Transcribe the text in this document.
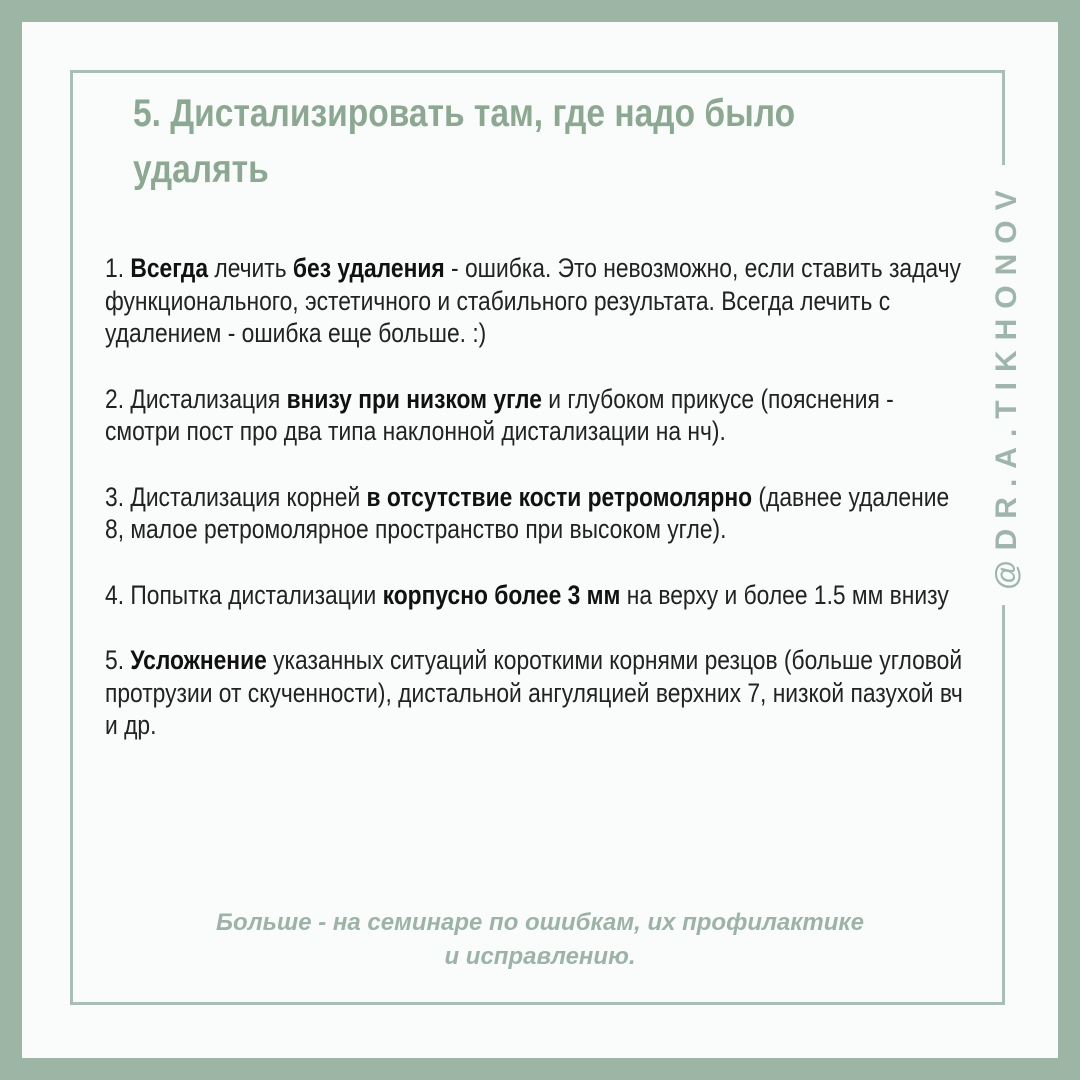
@DR.A.TIKHONOV
5. Дистализировать там, где надо было удалять

1. Всегда лечить без удаления - ошибка. Это невозможно, если ставить задачу функционального, эстетичного и стабильного результата. Всегда лечить с удалением - ошибка еще больше. :)

2. Дистализация внизу при низком угле и глубоком прикусе (пояснения - смотри пост про два типа наклонной дистализации на нч).

3. Дистализация корней в отсутствие кости ретромолярно (давнее удаление 8, малое ретромолярное пространство при высоком угле).

4. Попытка дистализации корпусно более 3 мм на верху и более 1.5 мм внизу

5. Усложнение указанных ситуаций короткими корнями резцов (больше угловой протрузии от скученности), дистальной ангуляцией верхних 7, низкой пазухой вч и др.

Больше - на семинаре по ошибкам, их профилактике
и исправлению.
